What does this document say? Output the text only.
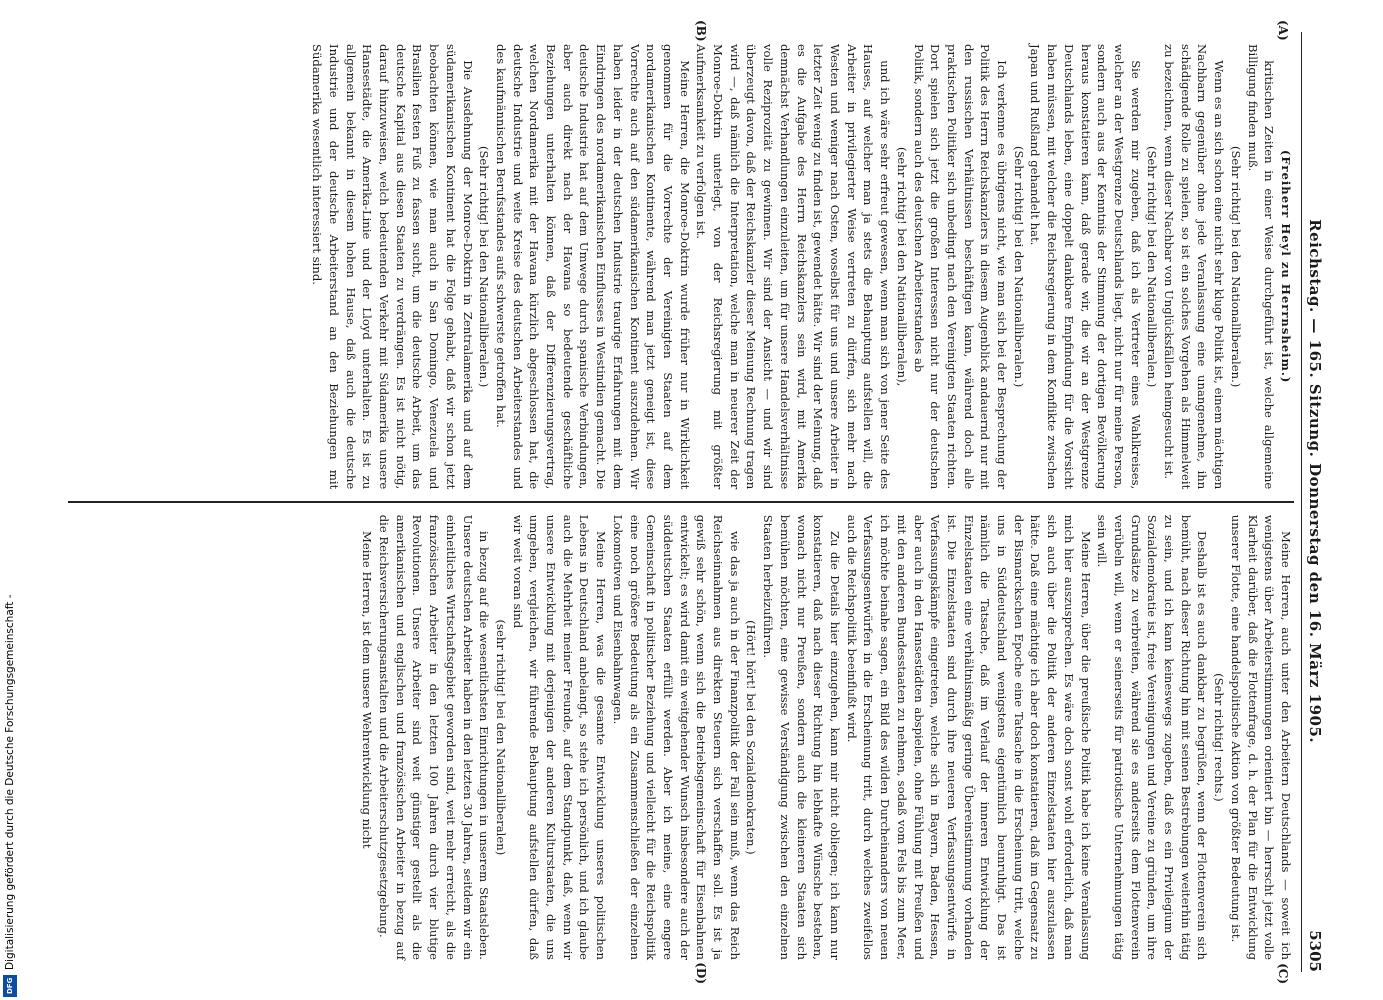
Reichstag. — 165. Sitzung. Donnerstag den 16. März 1905.
5305

(Freiherr Heyl zu Herrnsheim.)

kritischen Zeiten in einer Weise durchgeführt ist, welche allgemeine Billigung finden muß.

(Sehr richtig! bei den Nationalliberalen.)

Wenn es an sich schon eine nicht sehr kluge Politik ist, einem mächtigen Nachbarn gegenüber ohne jede Veranlassung eine unangenehme, ihn schädigende Rolle zu spielen, so ist ein solches Vorgehen als Himmelweit zu bezeichnen, wenn dieser Nachbar von Unglücksfällen heimgesucht ist.

(Sehr richtig! bei den Nationalliberalen.)

Sie werden mir zugeben, daß ich als Vertreter eines Wahlkreises, welcher an der Westgrenze Deutschlands liegt, nicht nur für meine Person, sondern auch aus der Kenntnis der Stimmung der dortigen Bevölkerung heraus konstatieren kann, daß gerade wir, die wir an der Westgrenze Deutschlands leben, eine doppelt dankbare Empfindung für die Vorsicht haben müssen, mit welcher die Reichsregierung in dem Konflikte zwischen Japan und Rußland gehandelt hat.

(Sehr richtig! bei den Nationalliberalen.)

Ich verkenne es übrigens nicht, wie man sich bei der Besprechung der Politik des Herrn Reichskanzlers in diesem Augenblick andauernd nur mit den russischen Verhältnissen beschäftigen kann, während doch alle praktischen Politiker sich unbedingt nach den Vereinigten Staaten richten. Dort spielen sich jetzt die großen Interessen nicht nur der deutschen Politik, sondern auch des deutschen Arbeiterstandes ab

(sehr richtig! bei den Nationalliberalen),

und ich wäre sehr erfreut gewesen, wenn man sich von jener Seite des Hauses, auf welcher man ja stets die Behauptung aufstellen will, die Arbeiter in privilegierter Weise vertreten zu dürfen, sich mehr nach Westen und weniger nach Osten, woselbst für uns und unsere Arbeiter in letzter Zeit wenig zu finden ist, gewendet hätte. Wir sind der Meinung, daß es die Aufgabe des Herrn Reichskanzlers sein wird, mit Amerika demnächst Verhandlungen einzuleiten, um für unsere Handelsverhältnisse volle Reziprozität zu gewinnen. Wir sind der Ansicht — und wir sind überzeugt davon, daß der Reichskanzler dieser Meinung Rechnung tragen wird —, daß nämlich die Interpretation, welche man in neuerer Zeit der Monroe-Doktrin unterlegt, von der Reichsregierung mit größter Aufmerksamkeit zu verfolgen ist.

Meine Herren, die Monroe-Doktrin wurde früher nur in Wirklichkeit genommen für die Vorrechte der Vereinigten Staaten auf dem nordamerikanischen Kontinente, während man jetzt geneigt ist, diese Vorrechte auch auf den südamerikanischen Kontinent auszudehnen. Wir haben leider in der deutschen Industrie traurige Erfahrungen mit dem Eindringen des nordamerikanischen Einflusses in Westindien gemacht. Die deutsche Industrie hat auf dem Umwege durch spanische Verbindungen, aber auch direkt nach der Havana so bedeutende geschäftliche Beziehungen unterhalten können, daß der Differenzierungsvertrag, welchen Nordamerika mit der Havana kürzlich abgeschlossen hat, die deutsche Industrie und weite Kreise des deutschen Arbeiterstandes und des kaufmännischen Berufsstandes aufs schwerste getroffen hat.

(Sehr richtig! bei den Nationalliberalen.)

Die Ausdehnung der Monroe-Doktrin in Zentralamerika und auf dem südamerikanischen Kontinent hat die Folge gehabt, daß wir schon jetzt beobachten können, wie man auch in San Domingo, Venezuela und Brasilien festen Fuß zu fassen sucht, um die deutsche Arbeit, um das deutsche Kapital aus diesen Staaten zu verdrängen. Es ist nicht nötig, darauf hinzuweisen, welch bedeutenden Verkehr mit Südamerika unsere Hansestädte, die Amerika-Linie und der Lloyd unterhalten. Es ist zu allgemein bekannt in diesem hohen Hause, daß auch die deutsche Industrie und der deutsche Arbeiterstand an den Beziehungen mit Südamerika wesentlich interessiert sind.

Meine Herren, auch unter den Arbeitern Deutschlands — soweit ich wenigstens über Arbeiterstimmungen orientiert bin — herrscht jetzt volle Klarheit darüber, daß die Flottenfrage, d. h. der Plan für die Entwicklung unserer Flotte, eine handelspolitische Aktion von größter Bedeutung ist.

(Sehr richtig! rechts.)

Deshalb ist es auch dankbar zu begrüßen, wenn der Flottenverein sich bemüht, nach dieser Richtung hin mit seinen Bestrebungen weiterhin tätig zu sein, und ich kann keineswegs zugeben, daß es ein Privilegium der Sozialdemokratie ist, freie Vereinigungen und Vereine zu gründen, um ihre Grundsätze zu verbreiten, während sie es anderseits dem Flottenverein verübeln will, wenn er seinerseits für patriotische Unternehmungen tätig sein will.

Meine Herren, über die preußische Politik habe ich keine Veranlassung mich hier auszusprechen. Es wäre doch sonst wohl erforderlich, daß man sich auch über die Politik der anderen Einzelstaaten hier auszulassen hätte. Daß eine mächtige ich aber doch konstatieren, daß im Gegensatz zu der Bismarckschen Epoche eine Tatsache in die Erscheinung tritt, welche uns in Süddeutschland wenigstens eigentümlich beunruhigt. Das ist nämlich die Tatsache, daß im Verlauf der inneren Entwicklung der Einzelstaaten eine verhältnismäßig geringe Übereinstimmung vorhanden ist. Die Einzelstaaten sind durch ihre neueren Verfassungsentwürfe in Verfassungskämpfe eingetreten, welche sich in Bayern, Baden, Hessen, aber auch in den Hansestädten abspielen, ohne Fühlung mit Preußen und mit den anderen Bundesstaaten zu nehmen, sodaß vom Fels bis zum Meer, ich möchte beinahe sagen, ein Bild des wilden Durcheinanders von neuen Verfassungsentwürfen in die Erscheinung tritt, durch welches zweifellos auch die Reichspolitik beeinflußt wird.

Zu die Details hier einzugehen, kann mir nicht obliegen; ich kann nur konstatieren, daß nach dieser Richtung hin lebhafte Wünsche bestehen, wonach nicht nur Preußen, sondern auch die kleineren Staaten sich bemühen möchten, eine gewisse Verständigung zwischen den einzelnen Staaten herbeizuführen.

(Hört! hört! bei den Sozialdemokraten.)

wie das ja auch in der Finanzpolitik der Fall sein muß, wenn das Reich Reichseinnahmen aus direkten Steuern sich verschaffen soll. Es ist ja gewiß sehr schön, wenn sich die Betriebsgemeinschaft für Eisenbahnen entwickelt; es wird damit ein weitgehender Wunsch insbesondere auch der süddeutschen Staaten erfüllt werden. Aber ich meine, eine engere Gemeinschaft in politischer Beziehung und vielleicht für die Reichspolitik eine noch größere Bedeutung als ein Zusammenschließen der einzelnen Lokomotiven und Eisenbahnwagen.

Meine Herren, was die gesamte Entwicklung unseres politischen Lebens in Deutschland anbelangt, so stehe ich persönlich, und ich glaube auch die Mehrheit meiner Freunde, auf dem Standpunkt, daß, wenn wir unsere Entwicklung mit derjenigen der anderen Kulturstaaten, die uns umgeben, vergleichen, wir führende Behauptung aufstellen dürfen, daß wir weit voran sind

(sehr richtig! bei den Nationalliberalen)

in bezug auf die wesentlichsten Einrichtungen in unserem Staatsleben. Unsere deutschen Arbeiter haben in den letzten 30 Jahren, seitdem wir ein einheitliches Wirtschaftsgebiet geworden sind, weit mehr erreicht, als die französischen Arbeiter in den letzten 100 Jahren durch vier blutige Revolutionen. Unsere Arbeiter sind weit günstiger gestellt als die amerikanischen und englischen und französischen Arbeiter in bezug auf die Reichsversicherungsanstalten und die Arbeiterschutzgesetzgebung.

Meine Herren, ist dem unsere Wehrentwicklung nicht

(A)
(B)
(C)
(D)
Digitalisierung gefördert durch die Deutsche Forschungsgemeinschaft -
DFG
